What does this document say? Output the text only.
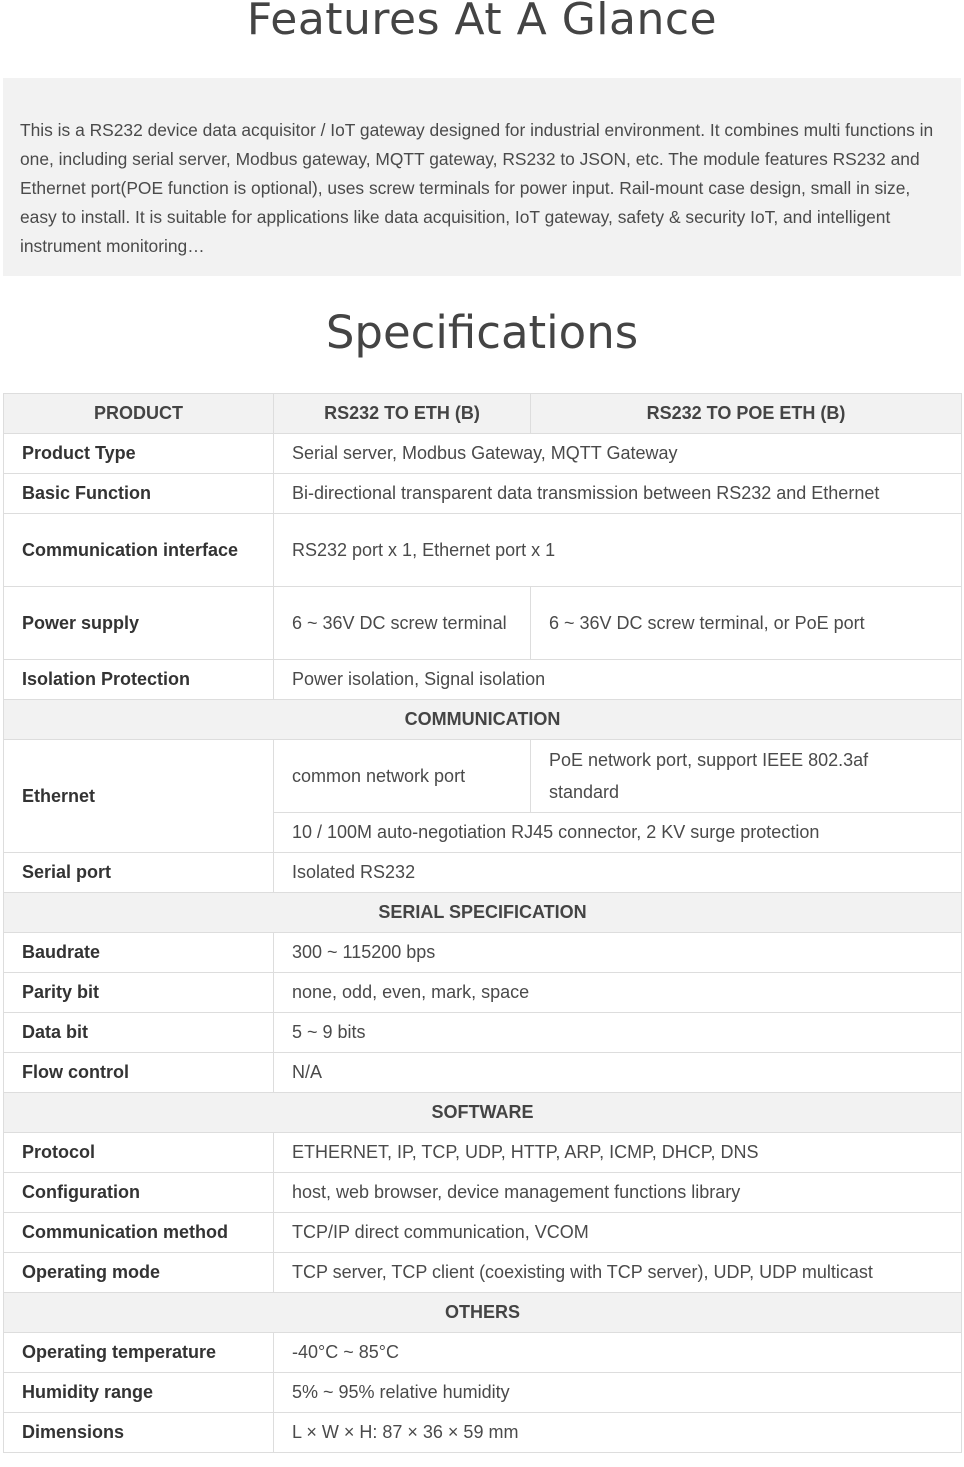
Features At A Glance
This is a RS232 device data acquisitor / IoT gateway designed for industrial environment. It combines multi functions in one, including serial server, Modbus gateway, MQTT gateway, RS232 to JSON, etc. The module features RS232 and Ethernet port(POE function is optional), uses screw terminals for power input. Rail-mount case design, small in size, easy to install. It is suitable for applications like data acquisition, IoT gateway, safety & security IoT, and intelligent instrument monitoring…
Specifications
PRODUCT	RS232 TO ETH (B)	RS232 TO POE ETH (B)
Product Type	Serial server, Modbus Gateway, MQTT Gateway	
Basic Function	Bi-directional transparent data transmission between RS232 and Ethernet	
Communication interface	RS232 port x 1, Ethernet port x 1	
Power supply	6 ~ 36V DC screw terminal	6 ~ 36V DC screw terminal, or PoE port
Isolation Protection	Power isolation, Signal isolation	
COMMUNICATION		
Ethernet	common network port	PoE network port, support IEEE 802.3af standard
	10 / 100M auto-negotiation RJ45 connector, 2 KV surge protection	
Serial port	Isolated RS232	
SERIAL SPECIFICATION		
Baudrate	300 ~ 115200 bps	
Parity bit	none, odd, even, mark, space	
Data bit	5 ~ 9 bits	
Flow control	N/A	
SOFTWARE		
Protocol	ETHERNET, IP, TCP, UDP, HTTP, ARP, ICMP, DHCP, DNS	
Configuration	host, web browser, device management functions library	
Communication method	TCP/IP direct communication, VCOM	
Operating mode	TCP server, TCP client (coexisting with TCP server), UDP, UDP multicast	
OTHERS		
Operating temperature	-40°C ~ 85°C	
Humidity range	5% ~ 95% relative humidity	
Dimensions	L × W × H: 87 × 36 × 59 mm	
